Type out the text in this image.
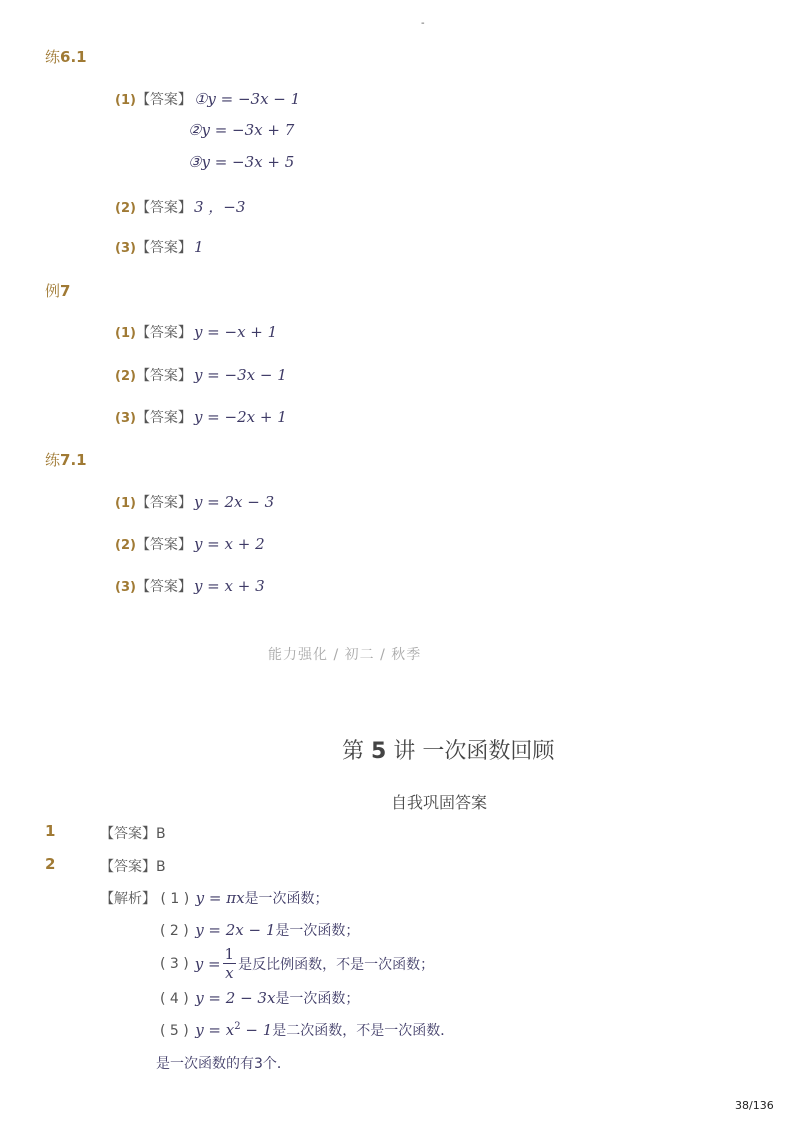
-
练6.1
(1) 【答案】 ①y = −3x − 1
②y = −3x + 7
③y = −3x + 5
(2) 【答案】 3 ，−3
(3) 【答案】 1
例7
(1) 【答案】 y = −x + 1
(2) 【答案】 y = −3x − 1
(3) 【答案】 y = −2x + 1
练7.1
(1) 【答案】 y = 2x − 3
(2) 【答案】 y = x + 2
(3) 【答案】 y = x + 3
能力强化 / 初二 / 秋季
第 5 讲 一次函数回顾
自我巩固答案
1	【答案】B
2	【答案】B
【解析】 ( 1 ) y = πx是一次函数；
( 2 ) y = 2x − 1是一次函数；
( 3 ) $y = \frac{1}{x}$ 是反比例函数，不是一次函数；
( 4 ) y = 2 − 3x是一次函数；
( 5 ) $y = x^2 - 1$是二次函数，不是一次函数．
是一次函数的有3个．
38/136
